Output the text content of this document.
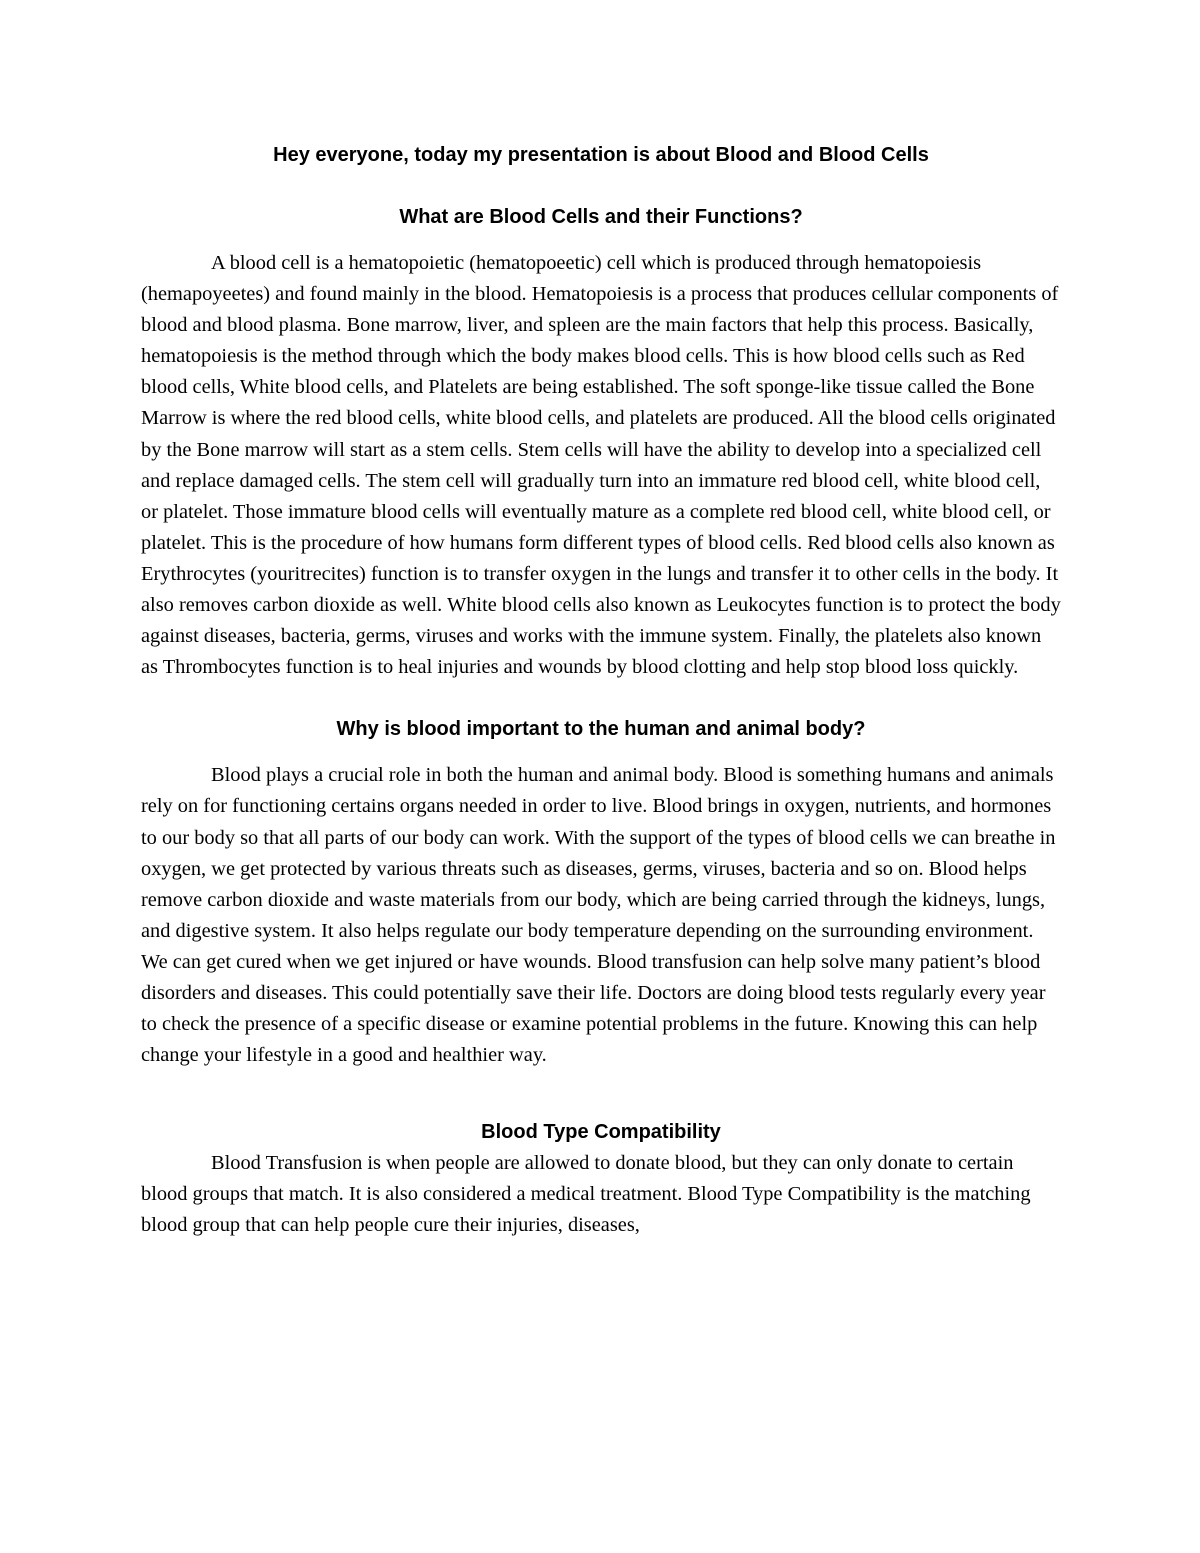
Hey everyone, today my presentation is about Blood and Blood Cells
What are Blood Cells and their Functions?

A blood cell is a hematopoietic (hematopoeetic) cell which is produced through hematopoiesis (hemapoyeetes) and found mainly in the blood. Hematopoiesis is a process that produces cellular components of blood and blood plasma. Bone marrow, liver, and spleen are the main factors that help this process. Basically, hematopoiesis is the method through which the body makes blood cells. This is how blood cells such as Red blood cells, White blood cells, and Platelets are being established. The soft sponge-like tissue called the Bone Marrow is where the red blood cells, white blood cells, and platelets are produced. All the blood cells originated by the Bone marrow will start as a stem cells. Stem cells will have the ability to develop into a specialized cell and replace damaged cells. The stem cell will gradually turn into an immature red blood cell, white blood cell, or platelet. Those immature blood cells will eventually mature as a complete red blood cell, white blood cell, or platelet. This is the procedure of how humans form different types of blood cells. Red blood cells also known as Erythrocytes (youritrecites) function is to transfer oxygen in the lungs and transfer it to other cells in the body. It also removes carbon dioxide as well. White blood cells also known as Leukocytes function is to protect the body against diseases, bacteria, germs, viruses and works with the immune system. Finally, the platelets also known as Thrombocytes function is to heal injuries and wounds by blood clotting and help stop blood loss quickly.

Why is blood important to the human and animal body?

Blood plays a crucial role in both the human and animal body. Blood is something humans and animals rely on for functioning certains organs needed in order to live. Blood brings in oxygen, nutrients, and hormones to our body so that all parts of our body can work. With the support of the types of blood cells we can breathe in oxygen, we get protected by various threats such as diseases, germs, viruses, bacteria and so on. Blood helps remove carbon dioxide and waste materials from our body, which are being carried through the kidneys, lungs, and digestive system. It also helps regulate our body temperature depending on the surrounding environment. We can get cured when we get injured or have wounds. Blood transfusion can help solve many patient’s blood disorders and diseases. This could potentially save their life. Doctors are doing blood tests regularly every year to check the presence of a specific disease or examine potential problems in the future. Knowing this can help change your lifestyle in a good and healthier way.

Blood Type Compatibility

Blood Transfusion is when people are allowed to donate blood, but they can only donate to certain blood groups that match. It is also considered a medical treatment. Blood Type Compatibility is the matching blood group that can help people cure their injuries, diseases,
